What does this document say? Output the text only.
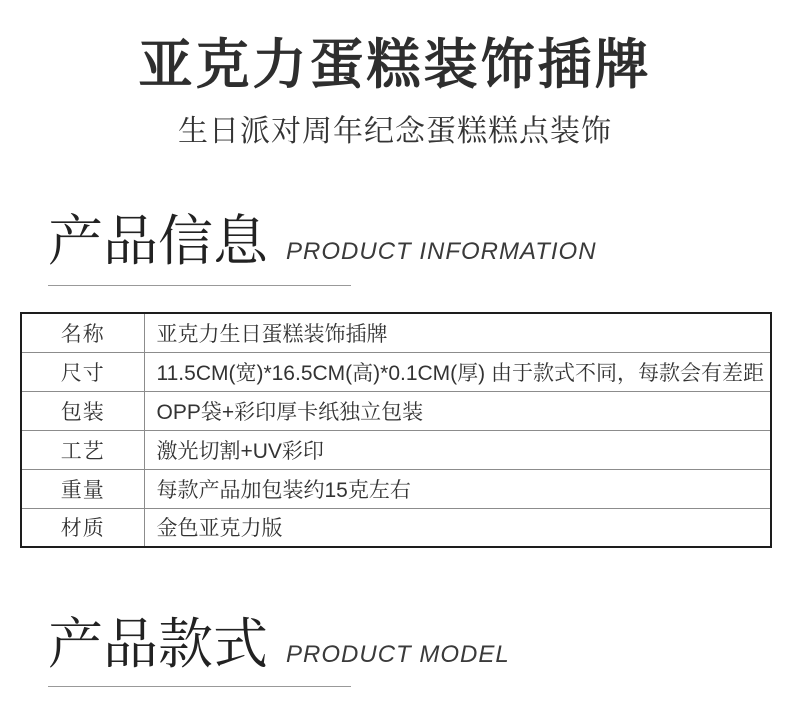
亚克力蛋糕装饰插牌

生日派对周年纪念蛋糕糕点装饰

产品信息 PRODUCT INFORMATION
名称	亚克力生日蛋糕装饰插牌
尺寸	11.5CM(宽)*16.5CM(高)*0.1CM(厚) 由于款式不同，每款会有差距
包装	OPP袋+彩印厚卡纸独立包装
工艺	激光切割+UV彩印
重量	每款产品加包装约15克左右
材质	金色亚克力版
产品款式 PRODUCT MODEL
